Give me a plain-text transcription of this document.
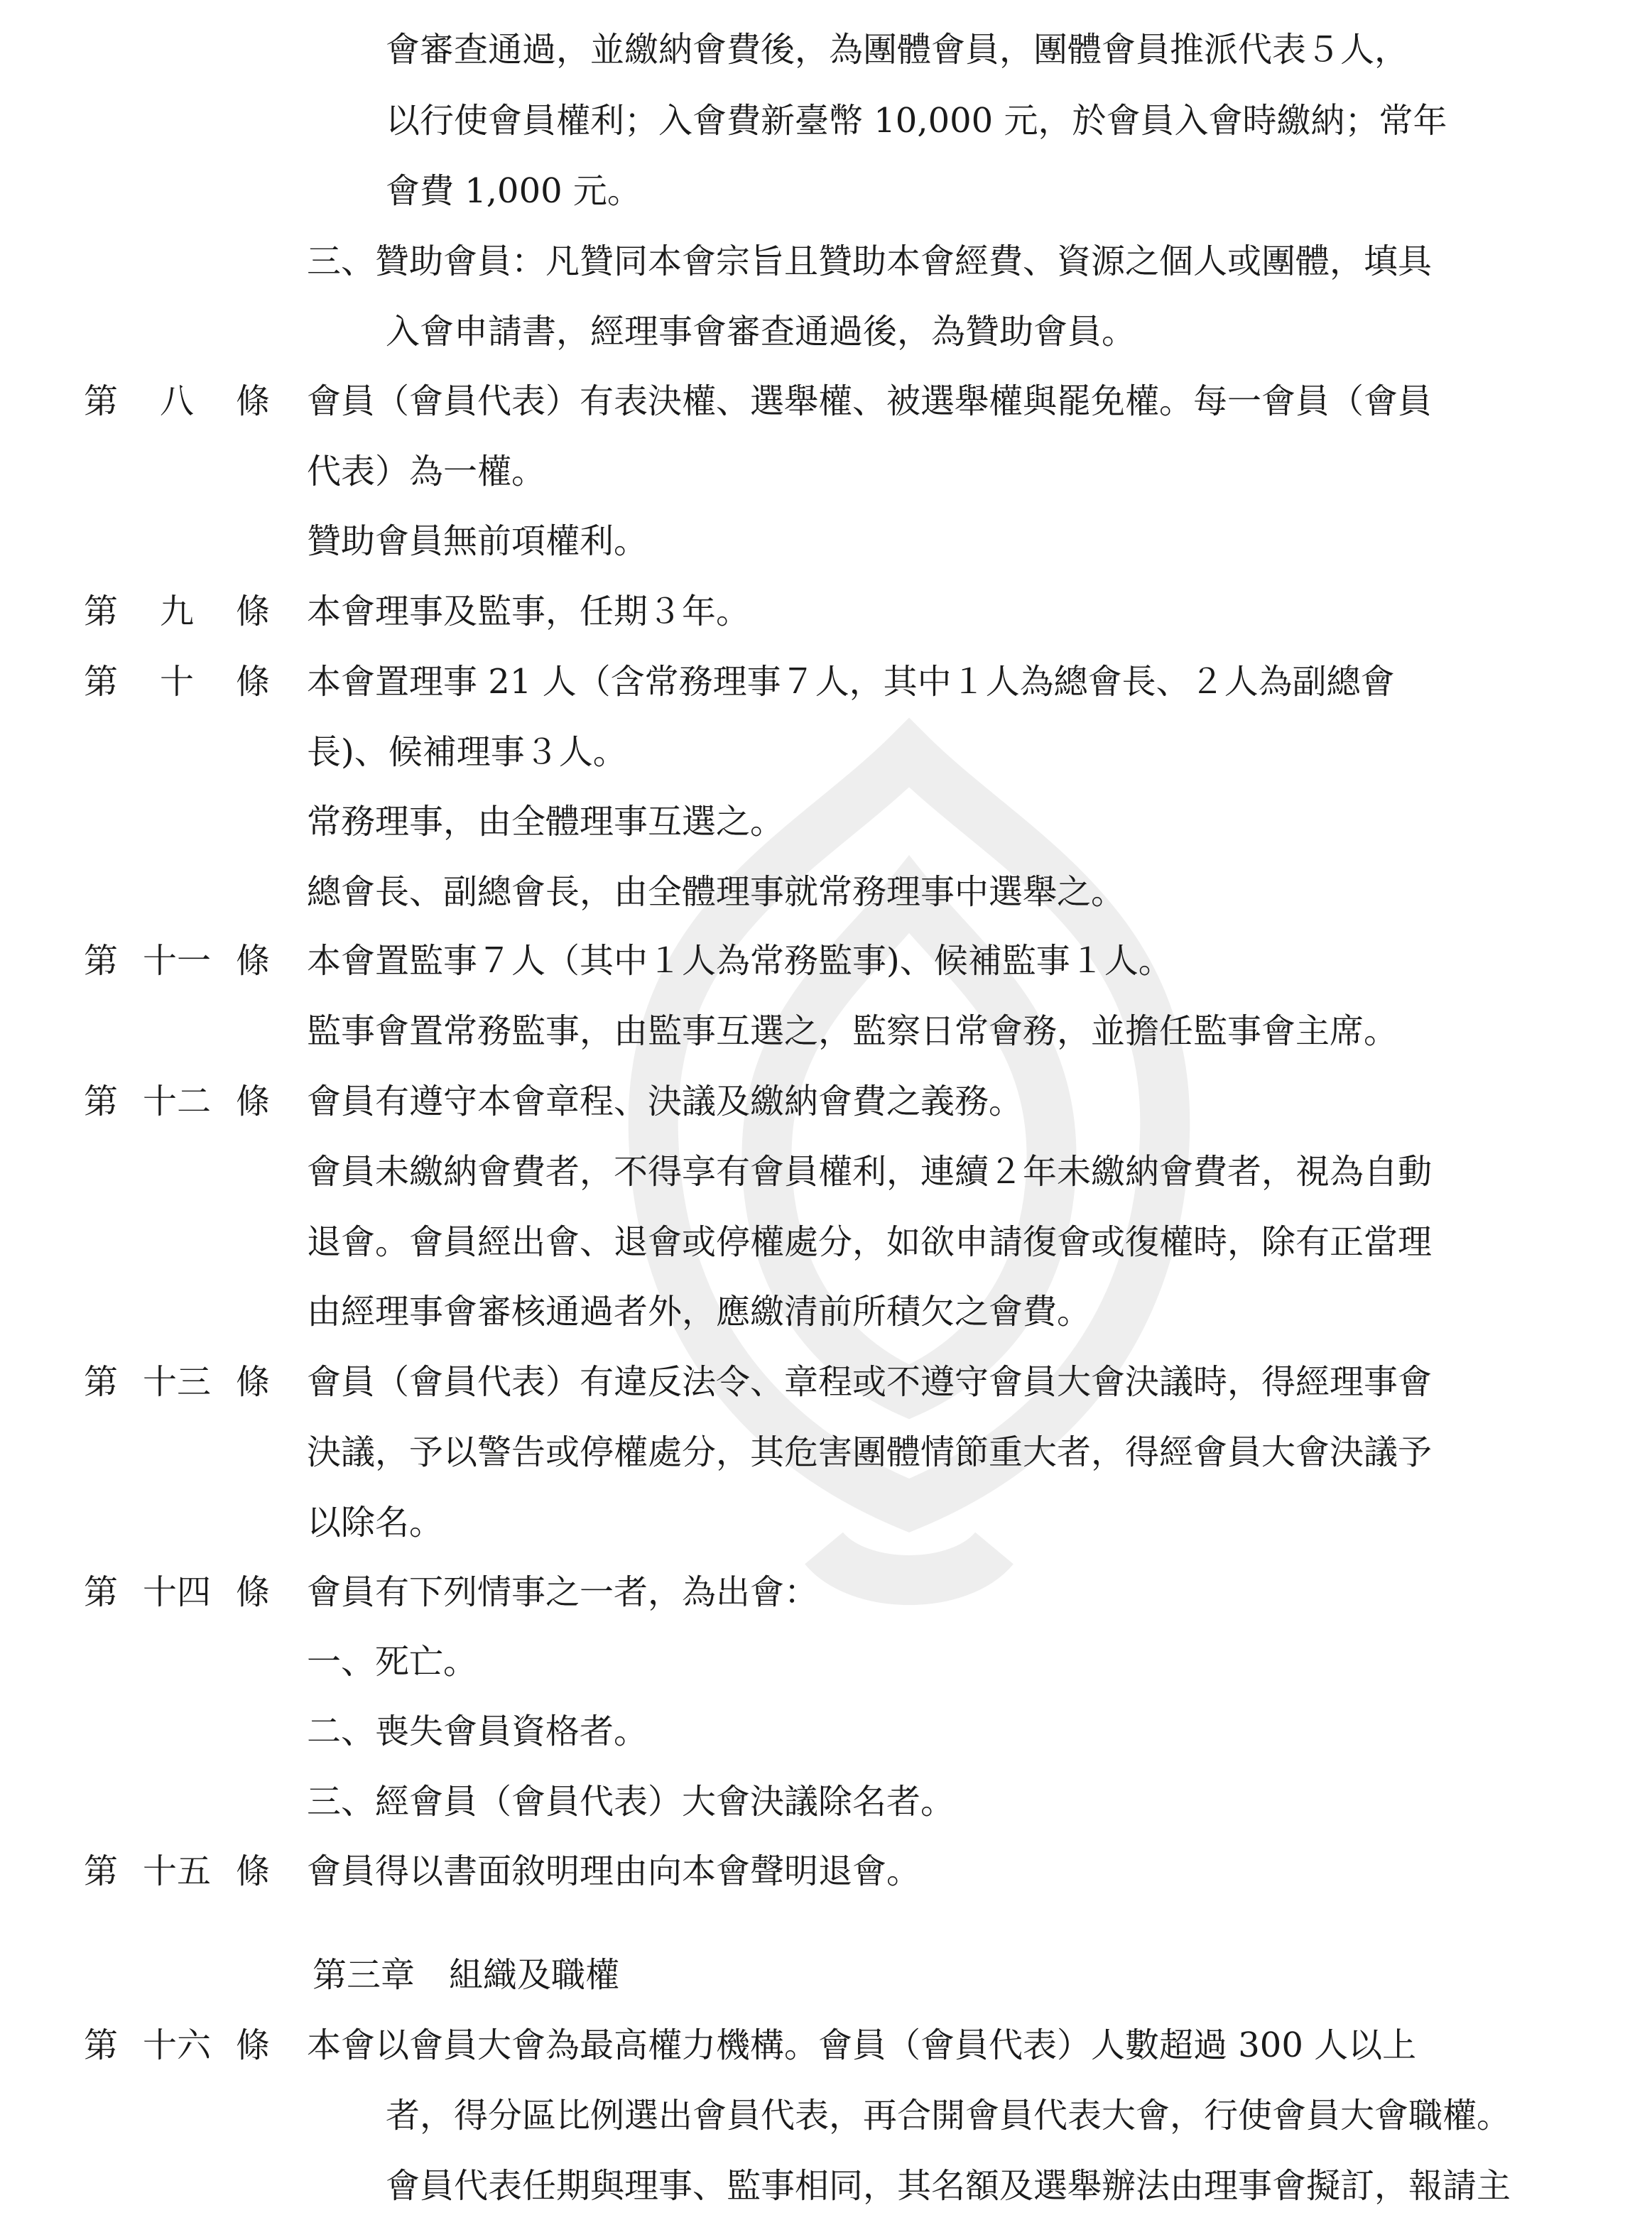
會審查通過，並繳納會費後，為團體會員，團體會員推派代表５人，
以行使會員權利；入會費新臺幣 10,000 元，於會員入會時繳納；常年
會費 1,000 元。
三、贊助會員：凡贊同本會宗旨且贊助本會經費、資源之個人或團體，填具
入會申請書，經理事會審查通過後，為贊助會員。
第 八 條 會員（會員代表）有表決權、選舉權、被選舉權與罷免權。每一會員（會員
代表）為一權。
贊助會員無前項權利。
第 九 條 本會理事及監事，任期３年。
第 十 條 本會置理事 21 人（含常務理事７人，其中１人為總會長、２人為副總會
長)、候補理事３人。
常務理事，由全體理事互選之。
總會長、副總會長，由全體理事就常務理事中選舉之。
第 十一 條 本會置監事７人（其中１人為常務監事)、候補監事１人。
監事會置常務監事，由監事互選之，監察日常會務，並擔任監事會主席。
第 十二 條 會員有遵守本會章程、決議及繳納會費之義務。
會員未繳納會費者，不得享有會員權利，連續２年未繳納會費者，視為自動
退會。會員經出會、退會或停權處分，如欲申請復會或復權時，除有正當理
由經理事會審核通過者外，應繳清前所積欠之會費。
第 十三 條 會員（會員代表）有違反法令、章程或不遵守會員大會決議時，得經理事會
決議，予以警告或停權處分，其危害團體情節重大者，得經會員大會決議予
以除名。
第 十四 條 會員有下列情事之一者，為出會：
一、死亡。
二、喪失會員資格者。
三、經會員（會員代表）大會決議除名者。
第 十五 條 會員得以書面敘明理由向本會聲明退會。
第三章　組織及職權
第 十六 條 本會以會員大會為最高權力機構。會員（會員代表）人數超過 300 人以上
者，得分區比例選出會員代表，再合開會員代表大會，行使會員大會職權。
會員代表任期與理事、監事相同，其名額及選舉辦法由理事會擬訂，報請主
